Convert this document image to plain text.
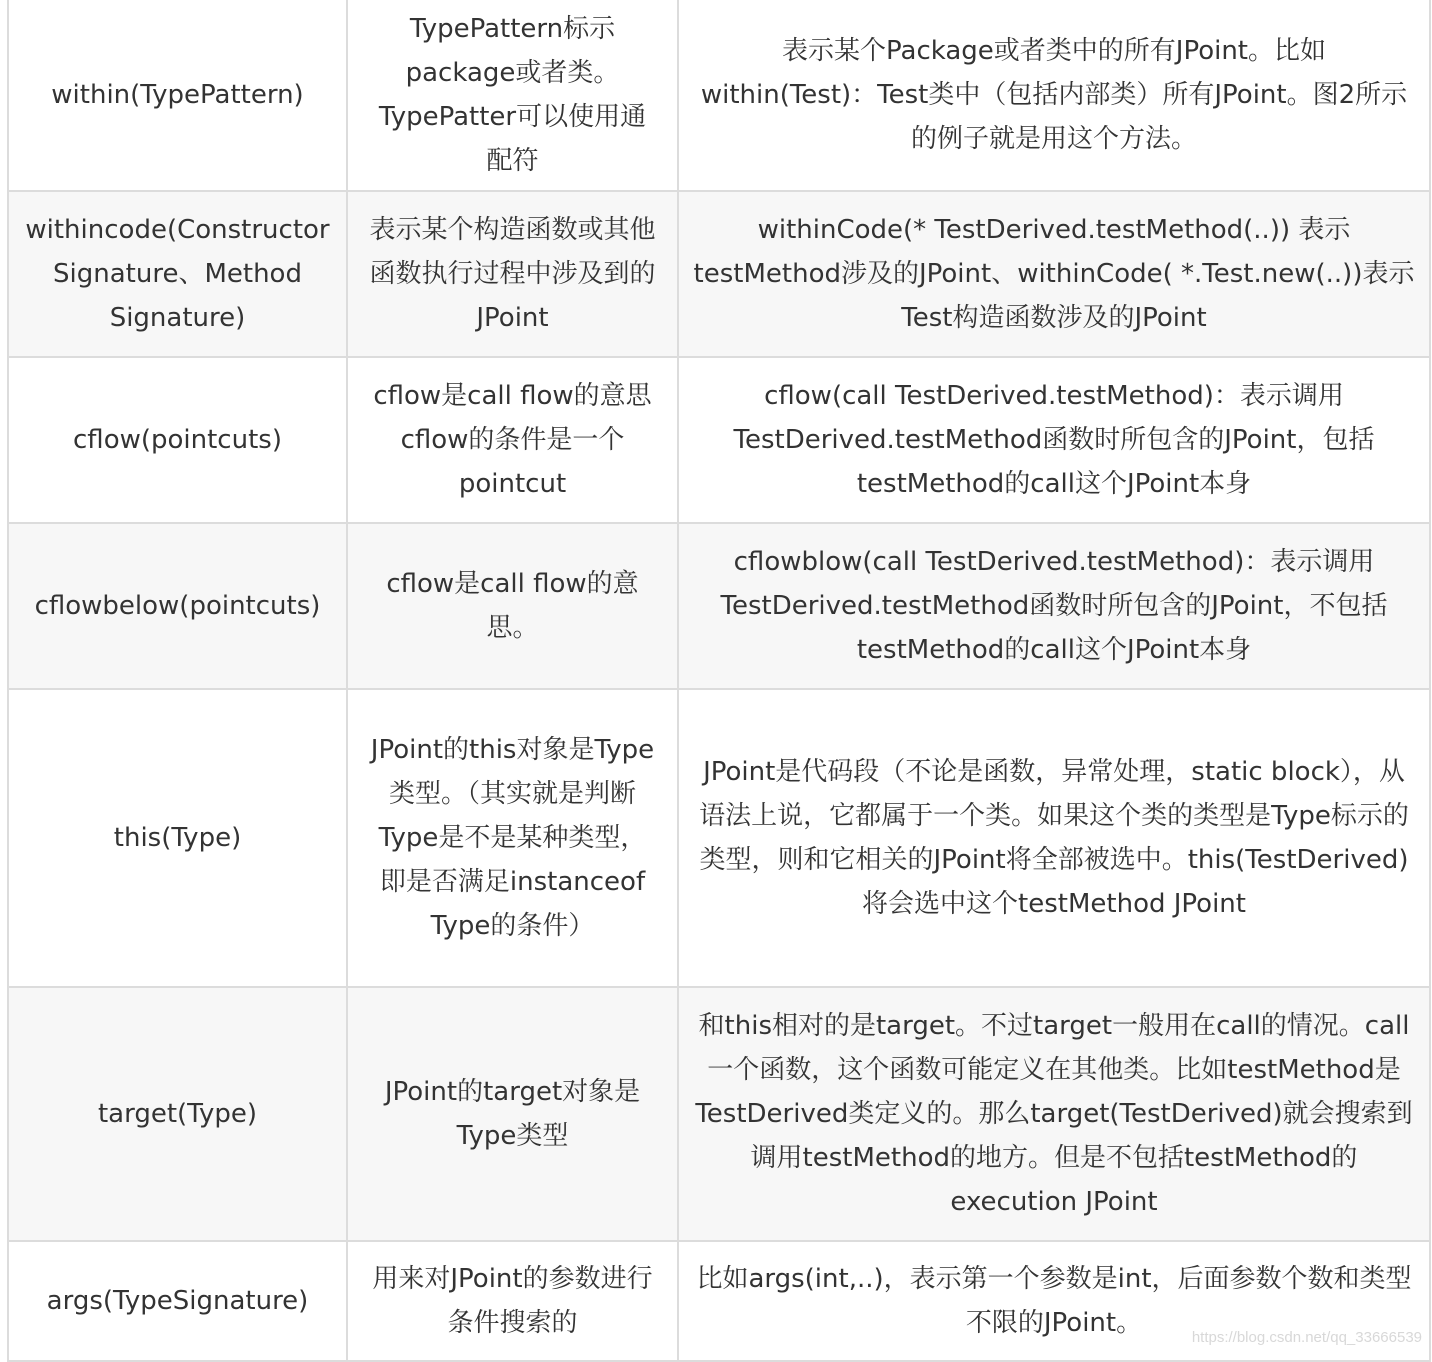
within(TypePattern)	TypePattern标示package或者类。TypePatter可以使用通配符	表示某个Package或者类中的所有JPoint。比如within(Test)：Test类中（包括内部类）所有JPoint。图2所示的例子就是用这个方法。
withincode(Constructor Signature、Method Signature)	表示某个构造函数或其他函数执行过程中涉及到的JPoint	withinCode(* TestDerived.testMethod(..)) 表示testMethod涉及的JPoint、withinCode( *.Test.new(..))表示Test构造函数涉及的JPoint
cflow(pointcuts)	cflow是call flow的意思 cflow的条件是一个pointcut	cflow(call TestDerived.testMethod)：表示调用TestDerived.testMethod函数时所包含的JPoint，包括testMethod的call这个JPoint本身
cflowbelow(pointcuts)	cflow是call flow的意思。	cflowblow(call TestDerived.testMethod)：表示调用TestDerived.testMethod函数时所包含的JPoint，不包括testMethod的call这个JPoint本身
this(Type)	JPoint的this对象是Type类型。（其实就是判断Type是不是某种类型，即是否满足instanceof Type的条件）	JPoint是代码段（不论是函数，异常处理，static block），从语法上说，它都属于一个类。如果这个类的类型是Type标示的类型，则和它相关的JPoint将全部被选中。this(TestDerived)将会选中这个testMethod JPoint
target(Type)	JPoint的target对象是Type类型	和this相对的是target。不过target一般用在call的情况。call一个函数，这个函数可能定义在其他类。比如testMethod是TestDerived类定义的。那么target(TestDerived)就会搜索到调用testMethod的地方。但是不包括testMethod的execution JPoint
args(TypeSignature)	用来对JPoint的参数进行条件搜索的	比如args(int,..)，表示第一个参数是int，后面参数个数和类型不限的JPoint。	https://blog.csdn.net/qq_33666539
